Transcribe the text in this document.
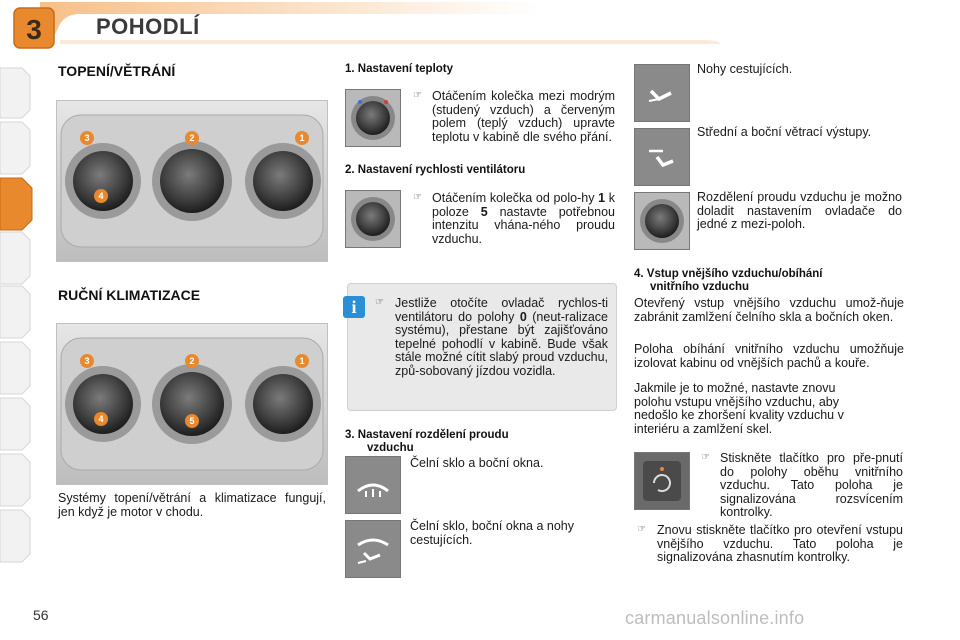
3 POHODLÍ
TOPENÍ/VĚTRÁNÍ
3	2	1
4
RUČNÍ KLIMATIZACE
3	2	1
4	5
Systémy topení/větrání a klimatizace fungují, jen když je motor v chodu.
1. Nastavení teploty
☞ Otáčením kolečka mezi modrým (studený vzduch) a červeným polem (teplý vzduch) upravte teplotu v kabině dle svého přání.
2. Nastavení rychlosti ventilátoru
☞ Otáčením kolečka od polo-hy 1 k poloze 5 nastavte potřebnou intenzitu vhána-ného proudu vzduchu.
i	☞ Jestliže otočíte ovladač rychlos-ti ventilátoru do polohy 0 (neut-ralizace systému), přestane být zajišťováno tepelné pohodlí v kabině. Bude však stále možné cítit slabý proud vzduchu, způ-sobovaný jízdou vozidla.
3. Nastavení rozdělení proudu
vzduchu
Čelní sklo a boční okna.
Čelní sklo, boční okna a nohy cestujících.
Nohy cestujících.
Střední a boční větrací výstupy.
Rozdělení proudu vzduchu je možno doladit nastavením ovladače do jedné z mezi-poloh.
4. Vstup vnějšího vzduchu/obíhání
vnitřního vzduchu
Otevřený vstup vnějšího vzduchu umož-ňuje zabránit zamlžení čelního skla a bočních oken.
Poloha obíhání vnitřního vzduchu umožňuje izolovat kabinu od vnějších pachů a kouře.
Jakmile je to možné, nastavte znovu
polohu vstupu vnějšího vzduchu, aby
nedošlo ke zhoršení kvality vzduchu v
interiéru a zamlžení skel.
☞ Stiskněte tlačítko pro pře-pnutí do polohy oběhu vnitřního vzduchu. Tato poloha je signalizována rozsvícením kontrolky.
☞ Znovu stiskněte tlačítko pro otevření vstupu vnějšího vzduchu. Tato poloha je signalizována zhasnutím kontrolky.
56	carmanualsonline.info
